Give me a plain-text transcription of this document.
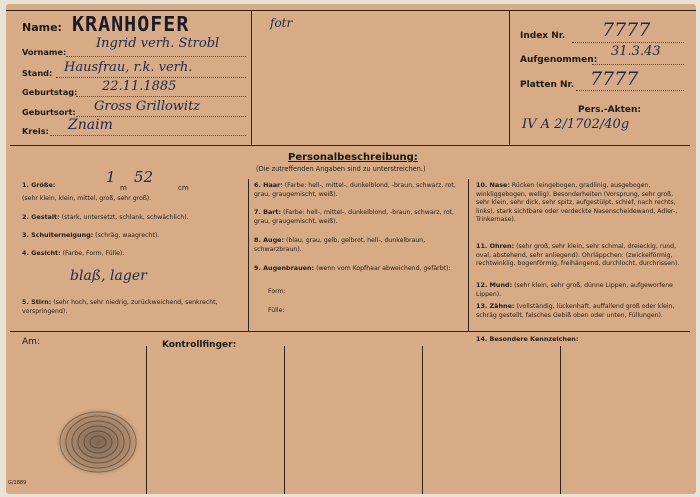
Name: KRANHOFER
Vorname:
Ingrid verh. Strobl
Stand: Hausfrau, r.k. verh.
Geburtstag: 22.11.1885
Geburtsort: Gross Grillowitz
Kreis: Znaim
fotr
Index Nr. 7777
Aufgenommen:
31.3.43
Platten Nr. 7777
Pers.-Akten:
IV A 2/1702/40g
Personalbeschreibung:
(Die zutreffenden Angaben sind zu unterstreichen.)
1. Größe:	1
m
52
cm
(sehr klein, klein, mittel, groß, sehr groß).
2. Gestalt: (stark, untersetzt, schlank, schwächlich).
3. Schulterneigung: (schräg, waagrecht).
4. Gesicht: (Farbe, Form, Fülle).
blaß, lager
5. Stirn: (sehr hoch, sehr niedrig, zurückweichend, senkrecht, vorspringend).
6. Haar: (Farbe: hell-, mittel-, dunkelblond, -braun, schwarz, rot, grau, graugemischt, weiß).
7. Bart: (Farbe: hell-, mittel-, dunkelblond, -braun, schwarz, rot, grau, graugemischt, weiß).
8. Auge: (blau, grau, gelb, gelbrot, hell-, dunkelbraun, schwarzbraun).
9. Augenbrauen: (wenn vom Kopfhaar abweichend, gefärbt):
Form:
Fülle:
10. Nase: Rücken (eingebogen, gradlinig, ausgebogen, winkliggebogen, wellig). Besonderheiten (Vorsprung, sehr groß, sehr klein, sehr dick, sehr spitz, aufgestülpt, schief, nach rechts, links), stark sichtbare oder verdeckte Nasenscheidewand, Adler-, Trinkernase).
11. Ohren: (sehr groß, sehr klein, sehr schmal, dreieckig, rund, oval, abstehend, sehr anliegend). Ohrläppchen: (zwickelförmig, rechtwinklig, bogenförmig, freihängend, durchlocht, durchrissen).
12. Mund: (sehr klein, sehr groß, dünne Lippen, aufgeworfene Lippen).
13. Zähne: (vollständig, lückenhaft, auffallend groß oder klein, schräg gestellt, falsches Gebiß oben oder unten, Füllungen).
14. Besondere Kennzeichen:
Am:	Kontrollfinger:
G/1889
